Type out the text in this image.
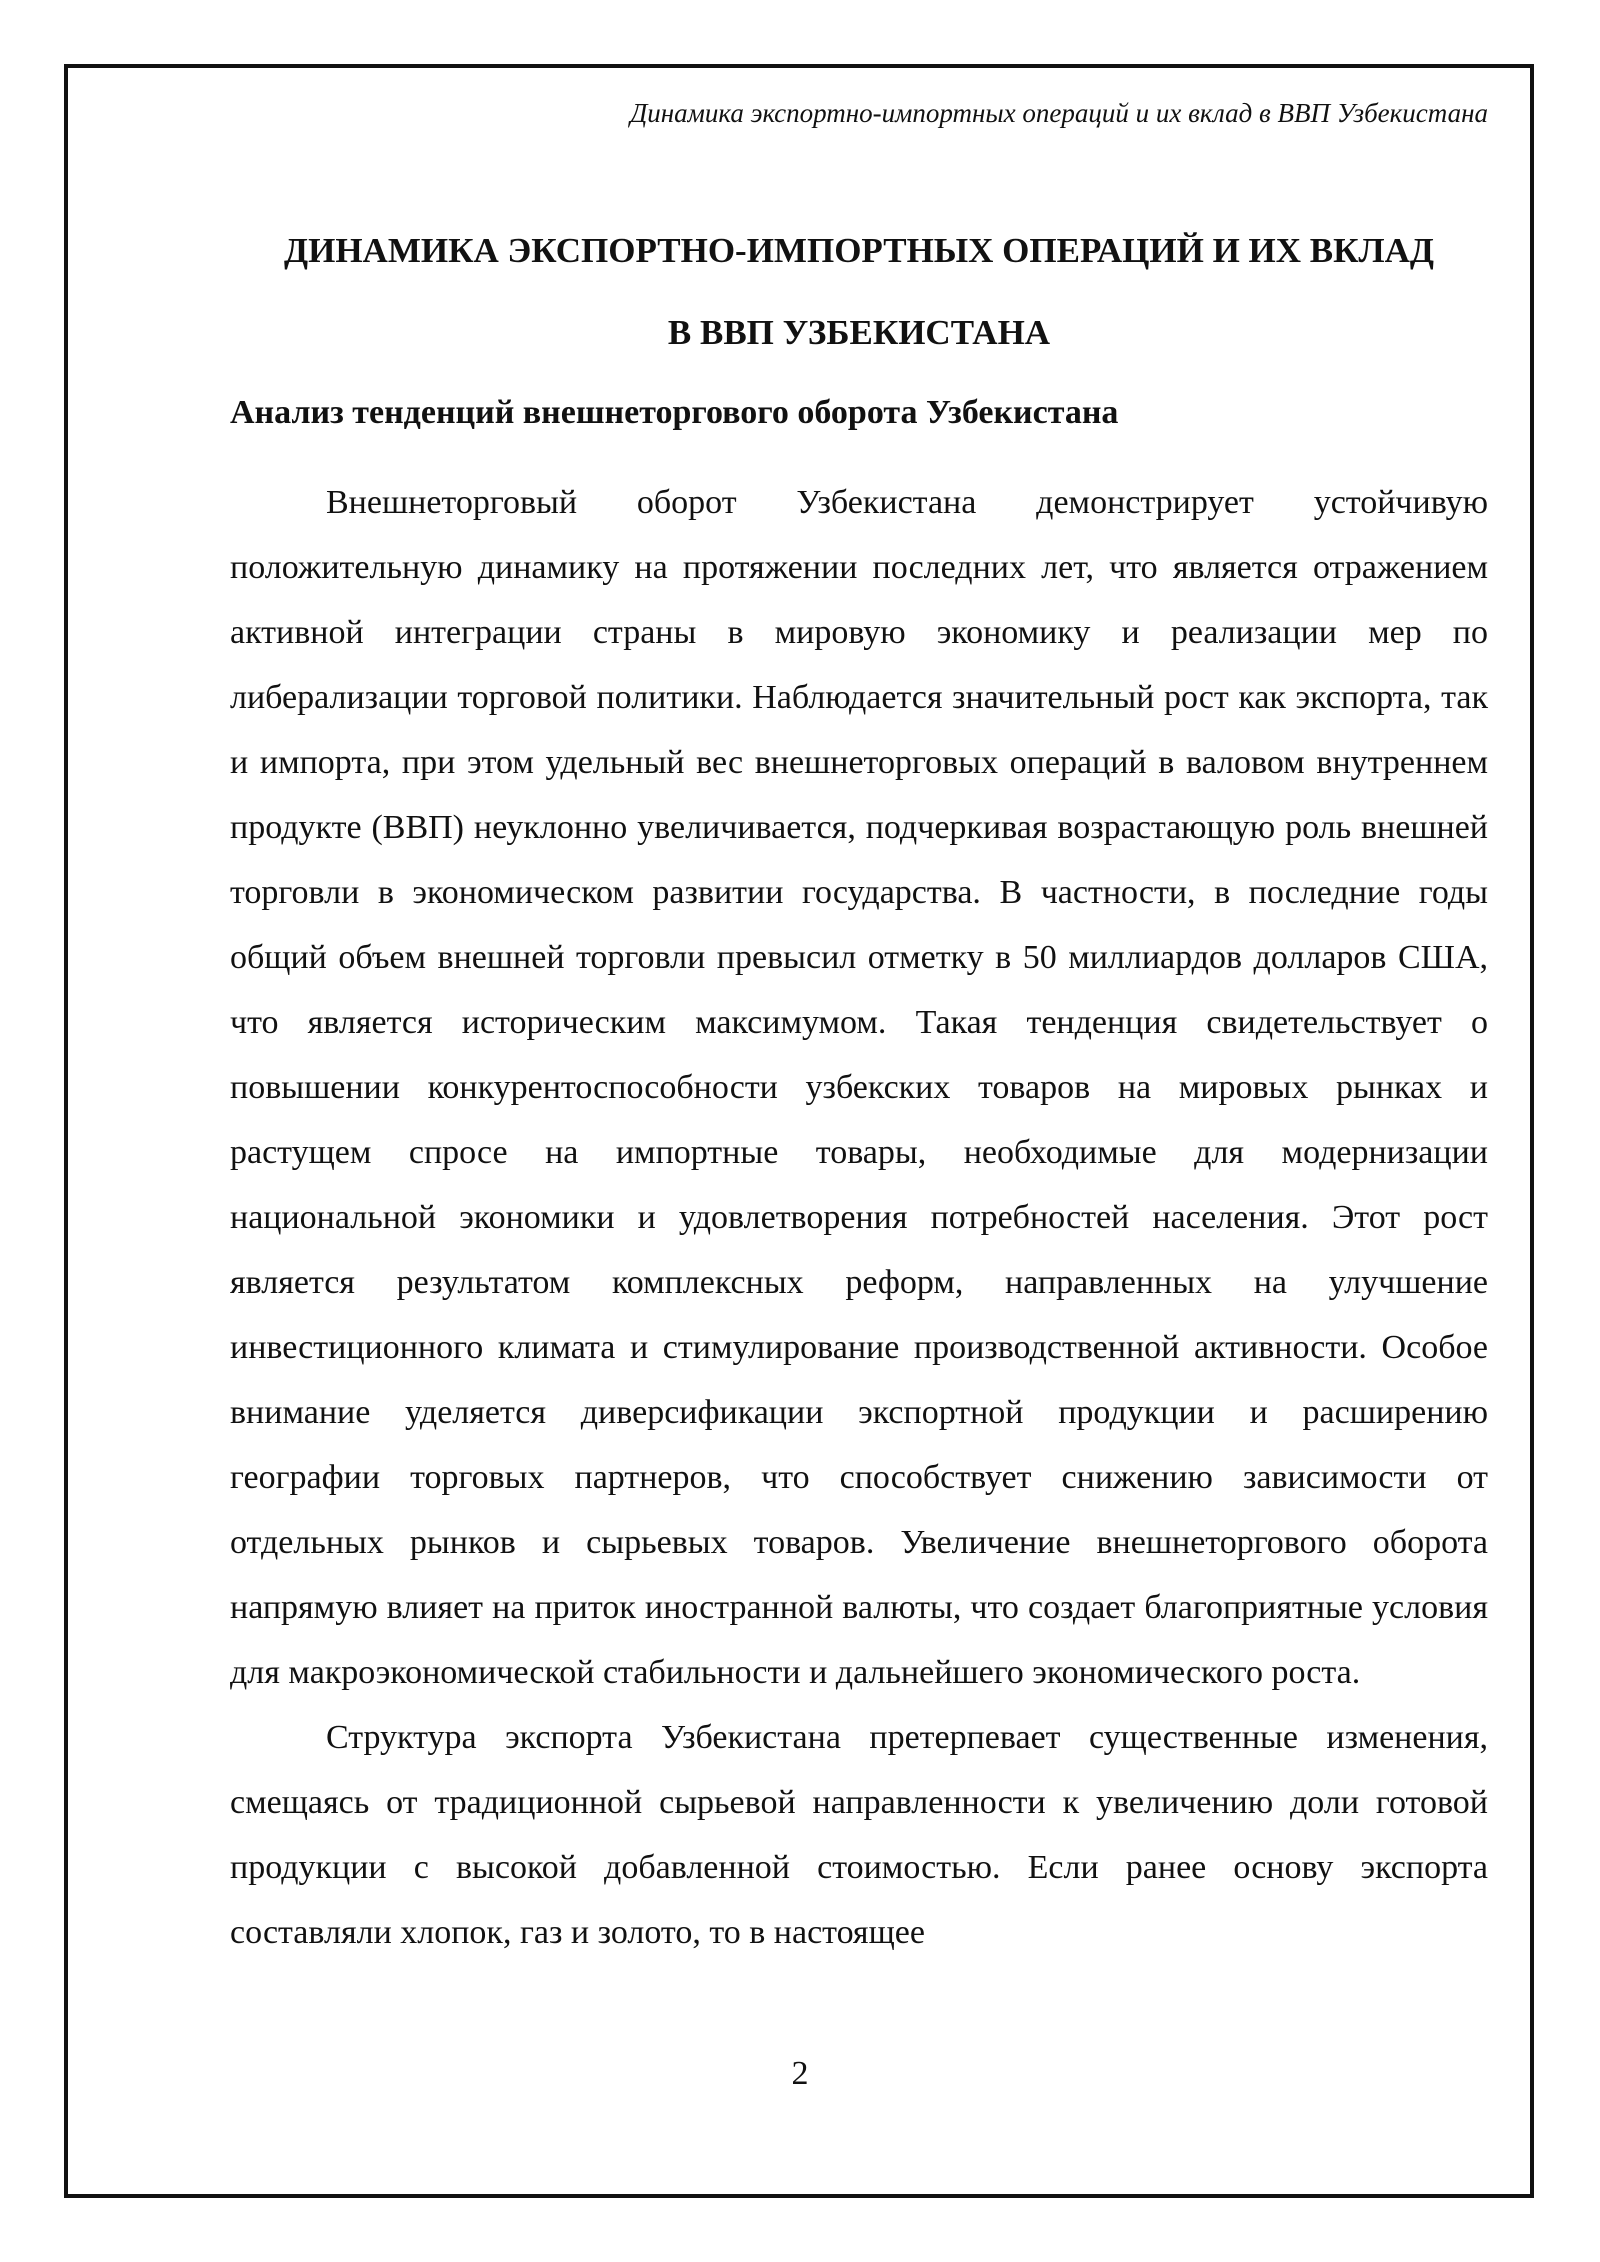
Динамика экспортно-импортных операций и их вклад в ВВП Узбекистана
ДИНАМИКА ЭКСПОРТНО-ИМПОРТНЫХ ОПЕРАЦИЙ И ИХ ВКЛАД
В ВВП УЗБЕКИСТАНА
Анализ тенденций внешнеторгового оборота Узбекистана

Внешнеторговый оборот Узбекистана демонстрирует устойчивую положительную динамику на протяжении последних лет, что является отражением активной интеграции страны в мировую экономику и реализации мер по либерализации торговой политики. Наблюдается значительный рост как экспорта, так и импорта, при этом удельный вес внешнеторговых операций в валовом внутреннем продукте (ВВП) неуклонно увеличивается, подчеркивая возрастающую роль внешней торговли в экономическом развитии государства. В частности, в последние годы общий объем внешней торговли превысил отметку в 50 миллиардов долларов США, что является историческим максимумом. Такая тенденция свидетельствует о повышении конкурентоспособности узбекских товаров на мировых рынках и растущем спросе на импортные товары, необходимые для модернизации национальной экономики и удовлетворения потребностей населения. Этот рост является результатом комплексных реформ, направленных на улучшение инвестиционного климата и стимулирование производственной активности. Особое внимание уделяется диверсификации экспортной продукции и расширению географии торговых партнеров, что способствует снижению зависимости от отдельных рынков и сырьевых товаров. Увеличение внешнеторгового оборота напрямую влияет на приток иностранной валюты, что создает благоприятные условия для макроэкономической стабильности и дальнейшего экономического роста.

Структура экспорта Узбекистана претерпевает существенные изменения, смещаясь от традиционной сырьевой направленности к увеличению доли готовой продукции с высокой добавленной стоимостью. Если ранее основу экспорта составляли хлопок, газ и золото, то в настоящее

2
